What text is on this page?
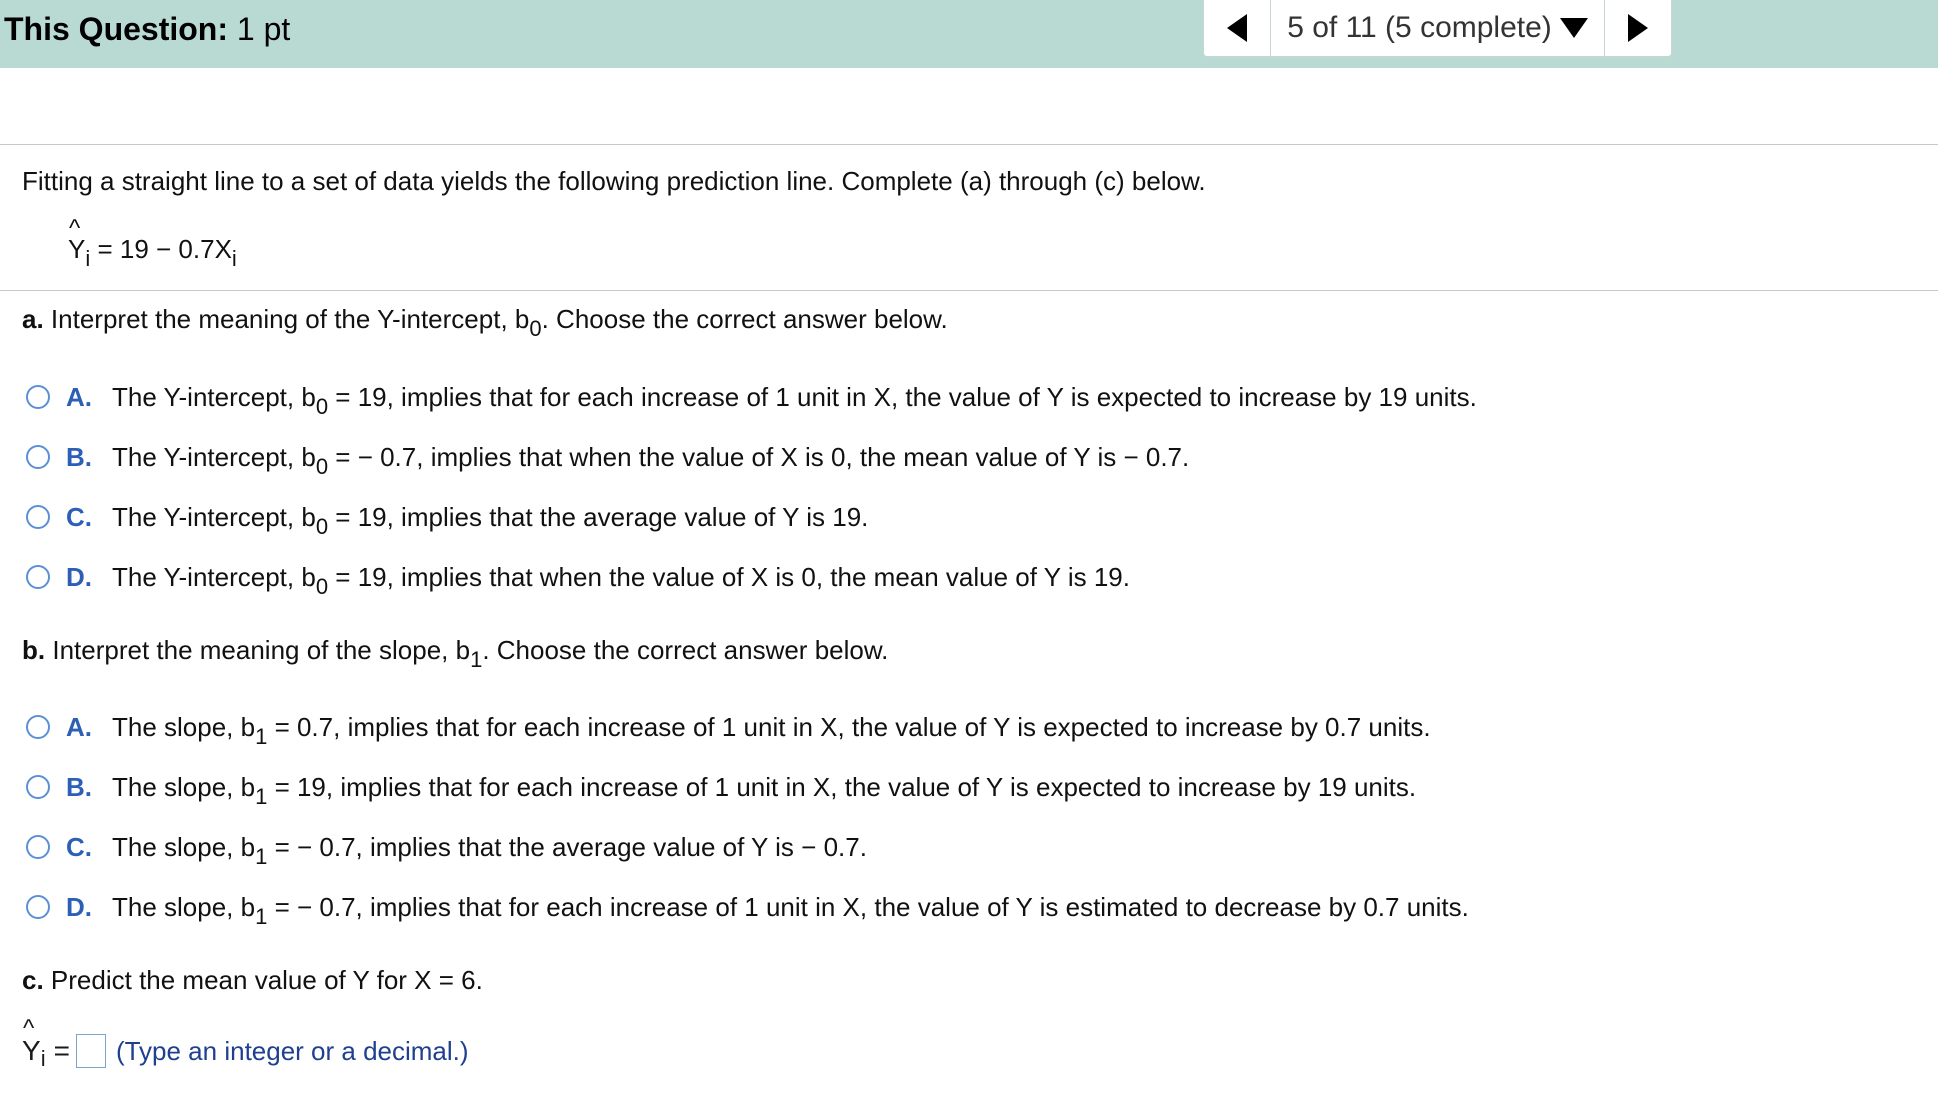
This Question: 1 pt	5 of 11 (5 complete)
Fitting a straight line to a set of data yields the following prediction line. Complete (a) through (c) below.
^
$Y_i = 19 - 0.7X_i$
a. Interpret the meaning of the Y-intercept, $b_0$. Choose the correct answer below.
A. The Y-intercept, $b_0 = 19$, implies that for each increase of 1 unit in X, the value of Y is expected to increase by 19 units.
B. The Y-intercept, $b_0$ = − 0.7, implies that when the value of X is 0, the mean value of Y is − 0.7.
C. The Y-intercept, $b_0 = 19$, implies that the average value of Y is 19.
D. The Y-intercept, $b_0 = 19$, implies that when the value of X is 0, the mean value of Y is 19.
b. Interpret the meaning of the slope, $b_1$. Choose the correct answer below.
A. The slope, $b_1 = 0.7$, implies that for each increase of 1 unit in X, the value of Y is expected to increase by 0.7 units.
B. The slope, $b_1 = 19$, implies that for each increase of 1 unit in X, the value of Y is expected to increase by 19 units.
C. The slope, $b_1$ = − 0.7, implies that the average value of Y is − 0.7.
D. The slope, $b_1$ = − 0.7, implies that for each increase of 1 unit in X, the value of Y is estimated to decrease by 0.7 units.
c. Predict the mean value of Y for X = 6.
^
Y i = (Type an integer or a decimal.)
